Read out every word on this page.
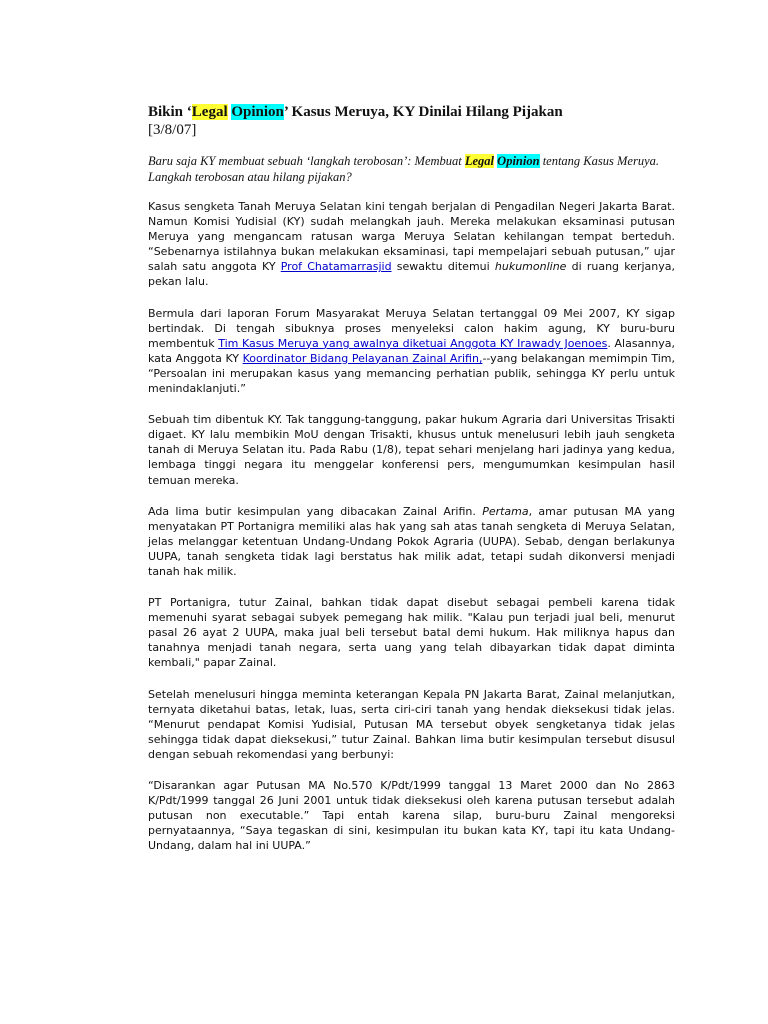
Bikin ‘Legal Opinion’ Kasus Meruya, KY Dinilai Hilang Pijakan
[3/8/07]
Baru saja KY membuat sebuah ‘langkah terobosan’: Membuat Legal Opinion tentang Kasus Meruya. Langkah terobosan atau hilang pijakan?

Kasus sengketa Tanah Meruya Selatan kini tengah berjalan di Pengadilan Negeri Jakarta Barat. Namun Komisi Yudisial (KY) sudah melangkah jauh. Mereka melakukan eksaminasi putusan Meruya yang mengancam ratusan warga Meruya Selatan kehilangan tempat berteduh. “Sebenarnya istilahnya bukan melakukan eksaminasi, tapi mempelajari sebuah putusan,” ujar salah satu anggota KY Prof Chatamarrasjid sewaktu ditemui hukumonline di ruang kerjanya, pekan lalu.

Bermula dari laporan Forum Masyarakat Meruya Selatan tertanggal 09 Mei 2007, KY sigap bertindak. Di tengah sibuknya proses menyeleksi calon hakim agung, KY buru-buru membentuk Tim Kasus Meruya yang awalnya diketuai Anggota KY Irawady Joenoes. Alasannya, kata Anggota KY Koordinator Bidang Pelayanan Zainal Arifin,--yang belakangan memimpin Tim, “Persoalan ini merupakan kasus yang memancing perhatian publik, sehingga KY perlu untuk menindaklanjuti.”

Sebuah tim dibentuk KY. Tak tanggung-tanggung, pakar hukum Agraria dari Universitas Trisakti digaet. KY lalu membikin MoU dengan Trisakti, khusus untuk menelusuri lebih jauh sengketa tanah di Meruya Selatan itu. Pada Rabu (1/8), tepat sehari menjelang hari jadinya yang kedua, lembaga tinggi negara itu menggelar konferensi pers, mengumumkan kesimpulan hasil temuan mereka.

Ada lima butir kesimpulan yang dibacakan Zainal Arifin. Pertama, amar putusan MA yang menyatakan PT Portanigra memiliki alas hak yang sah atas tanah sengketa di Meruya Selatan, jelas melanggar ketentuan Undang-Undang Pokok Agraria (UUPA). Sebab, dengan berlakunya UUPA, tanah sengketa tidak lagi berstatus hak milik adat, tetapi sudah dikonversi menjadi tanah hak milik.

PT Portanigra, tutur Zainal, bahkan tidak dapat disebut sebagai pembeli karena tidak memenuhi syarat sebagai subyek pemegang hak milik. "Kalau pun terjadi jual beli, menurut pasal 26 ayat 2 UUPA, maka jual beli tersebut batal demi hukum. Hak miliknya hapus dan tanahnya menjadi tanah negara, serta uang yang telah dibayarkan tidak dapat diminta kembali," papar Zainal.

Setelah menelusuri hingga meminta keterangan Kepala PN Jakarta Barat, Zainal melanjutkan, ternyata diketahui batas, letak, luas, serta ciri-ciri tanah yang hendak dieksekusi tidak jelas. “Menurut pendapat Komisi Yudisial, Putusan MA tersebut obyek sengketanya tidak jelas sehingga tidak dapat dieksekusi,” tutur Zainal. Bahkan lima butir kesimpulan tersebut disusul dengan sebuah rekomendasi yang berbunyi:

“Disarankan agar Putusan MA No.570 K/Pdt/1999 tanggal 13 Maret 2000 dan No 2863 K/Pdt/1999 tanggal 26 Juni 2001 untuk tidak dieksekusi oleh karena putusan tersebut adalah putusan non executable.” Tapi entah karena silap, buru-buru Zainal mengoreksi pernyataannya, “Saya tegaskan di sini, kesimpulan itu bukan kata KY, tapi itu kata Undang-Undang, dalam hal ini UUPA.”
